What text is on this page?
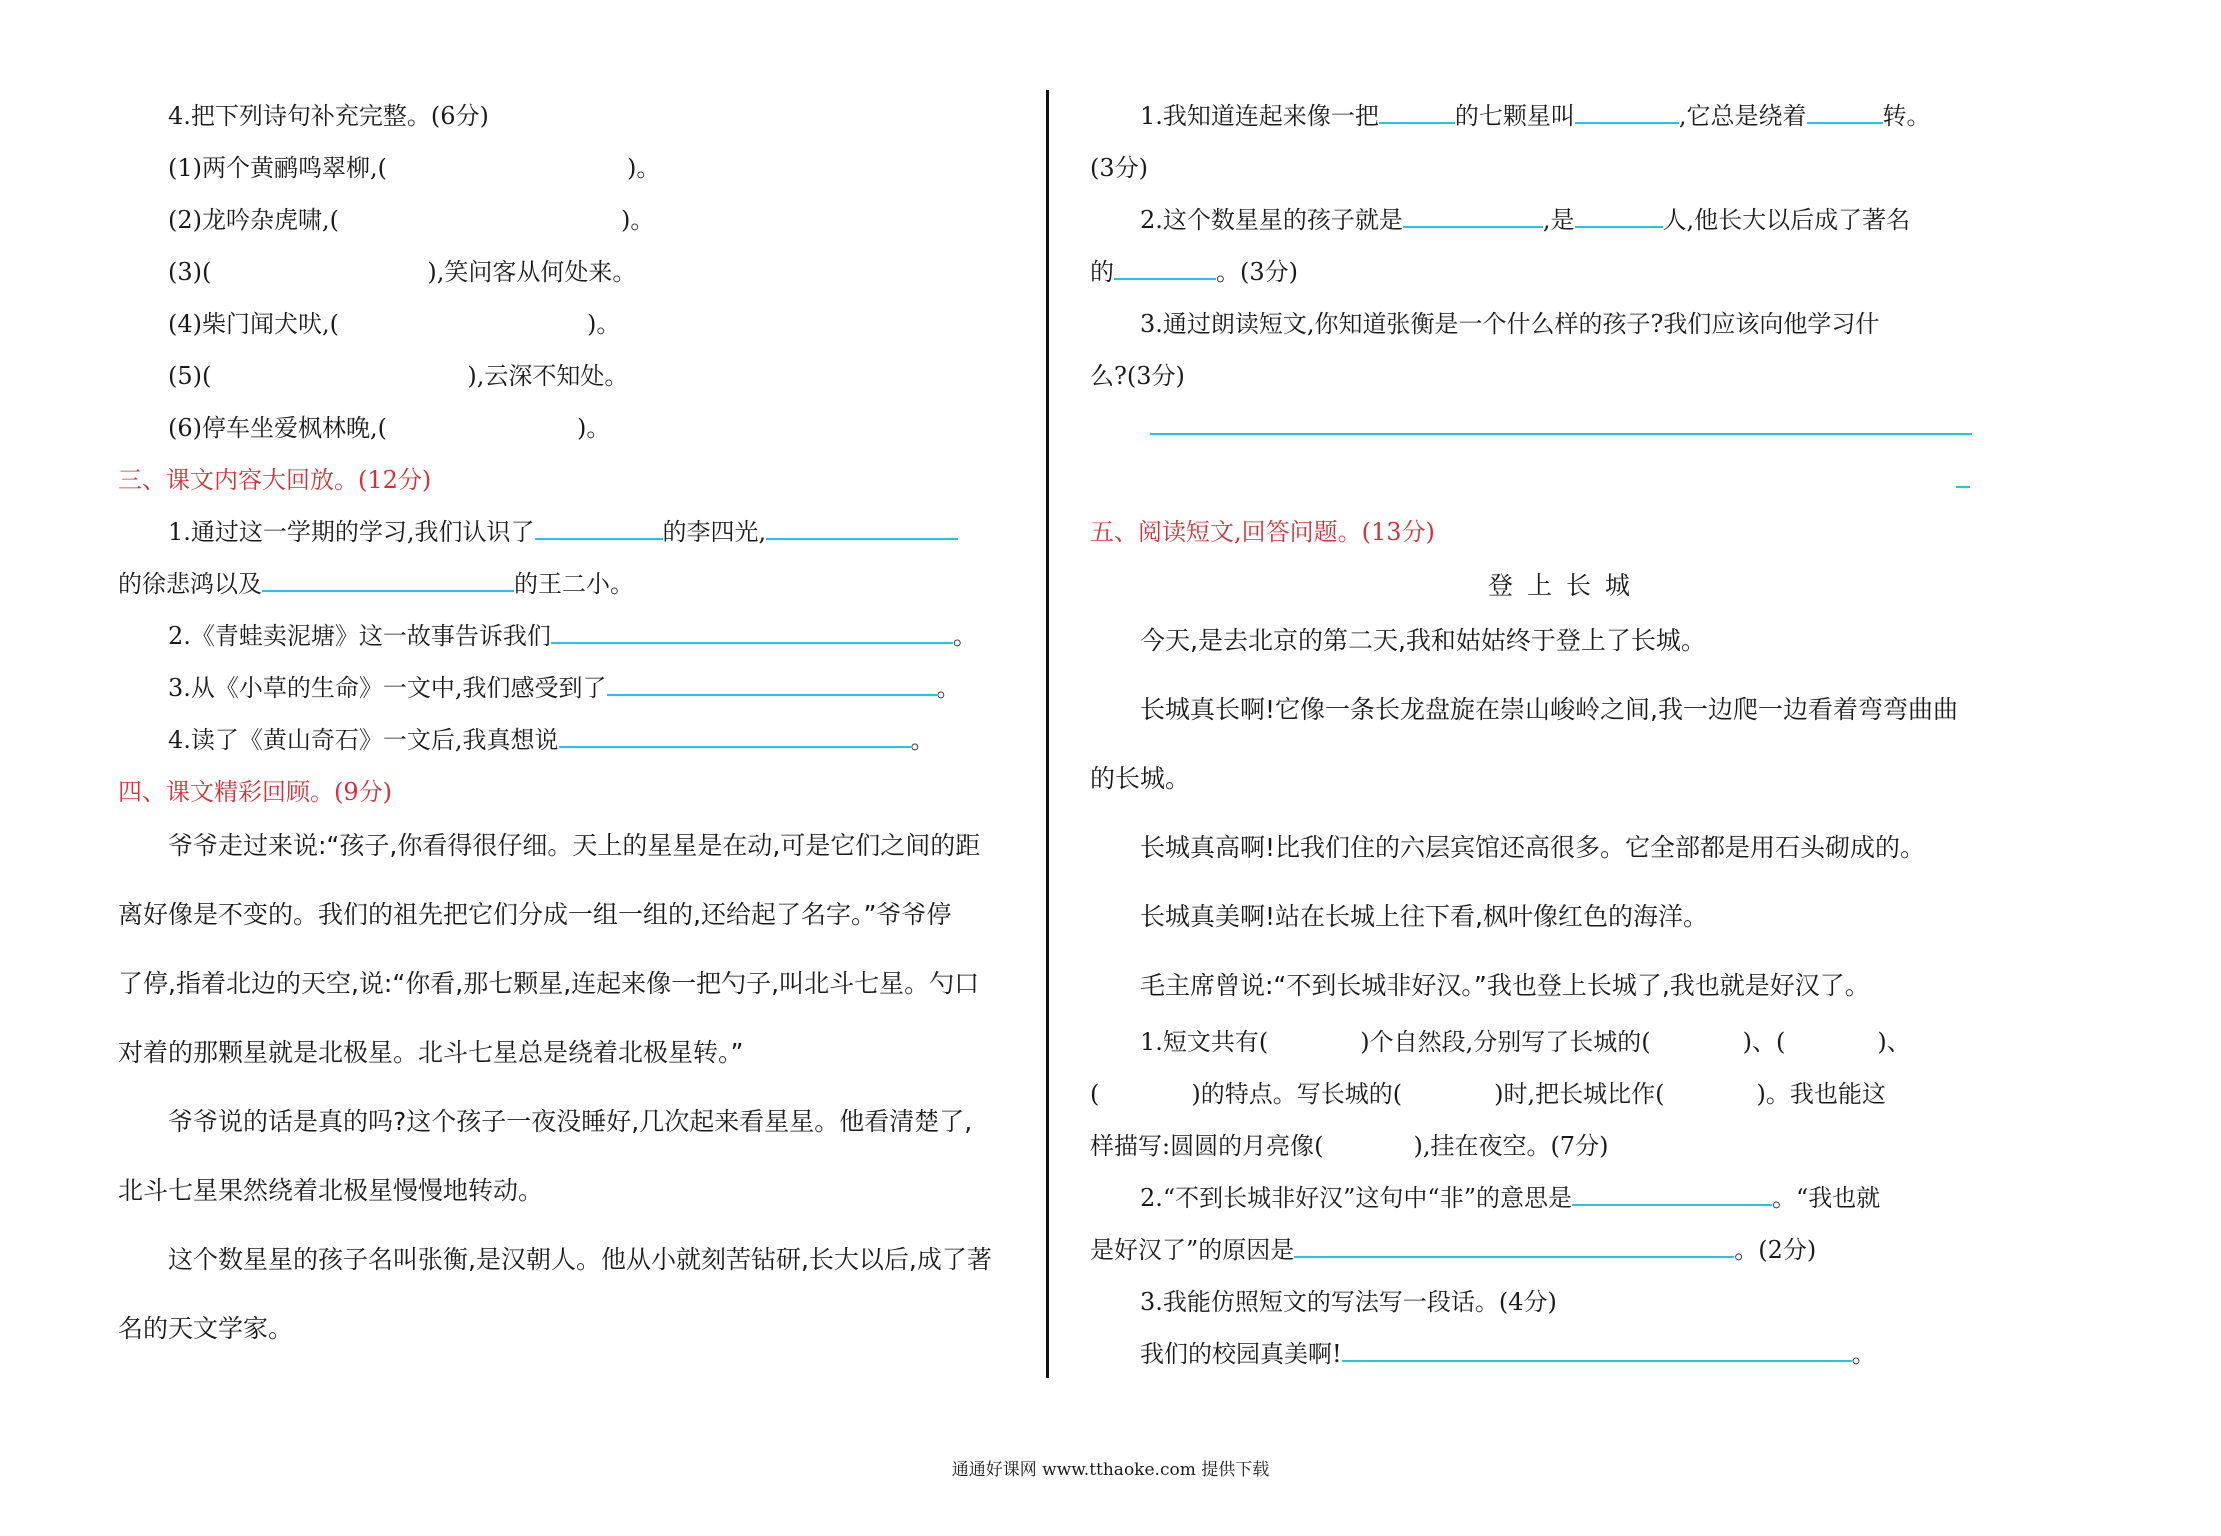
4.把下列诗句补充完整。(6分)
(1)两个黄鹂鸣翠柳,(	)。
(2)龙吟杂虎啸,(	)。
(3)(	),笑问客从何处来。
(4)柴门闻犬吠,(	)。
(5)(	),云深不知处。
(6)停车坐爱枫林晚,(	)。
三、课文内容大回放。(12分)
1.通过这一学期的学习,我们认识了	的李四光,
的徐悲鸿以及	的王二小。
2.《青蛙卖泥塘》这一故事告诉我们	。
3.从《小草的生命》一文中,我们感受到了	。
4.读了《黄山奇石》一文后,我真想说	。
四、课文精彩回顾。(9分)
爷爷走过来说:“孩子,你看得很仔细。天上的星星是在动,可是它们之间的距
离好像是不变的。我们的祖先把它们分成一组一组的,还给起了名字。”爷爷停
了停,指着北边的天空,说:“你看,那七颗星,连起来像一把勺子,叫北斗七星。勺口
对着的那颗星就是北极星。北斗七星总是绕着北极星转。”
爷爷说的话是真的吗?这个孩子一夜没睡好,几次起来看星星。他看清楚了,
北斗七星果然绕着北极星慢慢地转动。
这个数星星的孩子名叫张衡,是汉朝人。他从小就刻苦钻研,长大以后,成了著
名的天文学家。
1.我知道连起来像一把	的七颗星叫	,它总是绕着	转。
(3分)
2.这个数星星的孩子就是	,是	人,他长大以后成了著名
的	。(3分)
3.通过朗读短文,你知道张衡是一个什么样的孩子?我们应该向他学习什
么?(3分)
五、阅读短文,回答问题。(13分)
登上长城
今天,是去北京的第二天,我和姑姑终于登上了长城。
长城真长啊!它像一条长龙盘旋在崇山峻岭之间,我一边爬一边看着弯弯曲曲
的长城。
长城真高啊!比我们住的六层宾馆还高很多。它全部都是用石头砌成的。
长城真美啊!站在长城上往下看,枫叶像红色的海洋。
毛主席曾说:“不到长城非好汉。”我也登上长城了,我也就是好汉了。
1.短文共有(	)个自然段,分别写了长城的(	)、(	)、
(	)的特点。写长城的(	)时,把长城比作(	)。我也能这
样描写:圆圆的月亮像(	),挂在夜空。(7分)
2.“不到长城非好汉”这句中“非”的意思是	。“我也就
是好汉了”的原因是	。(2分)
3.我能仿照短文的写法写一段话。(4分)
我们的校园真美啊!	。
通通好课网 www.tthaoke.com 提供下载
